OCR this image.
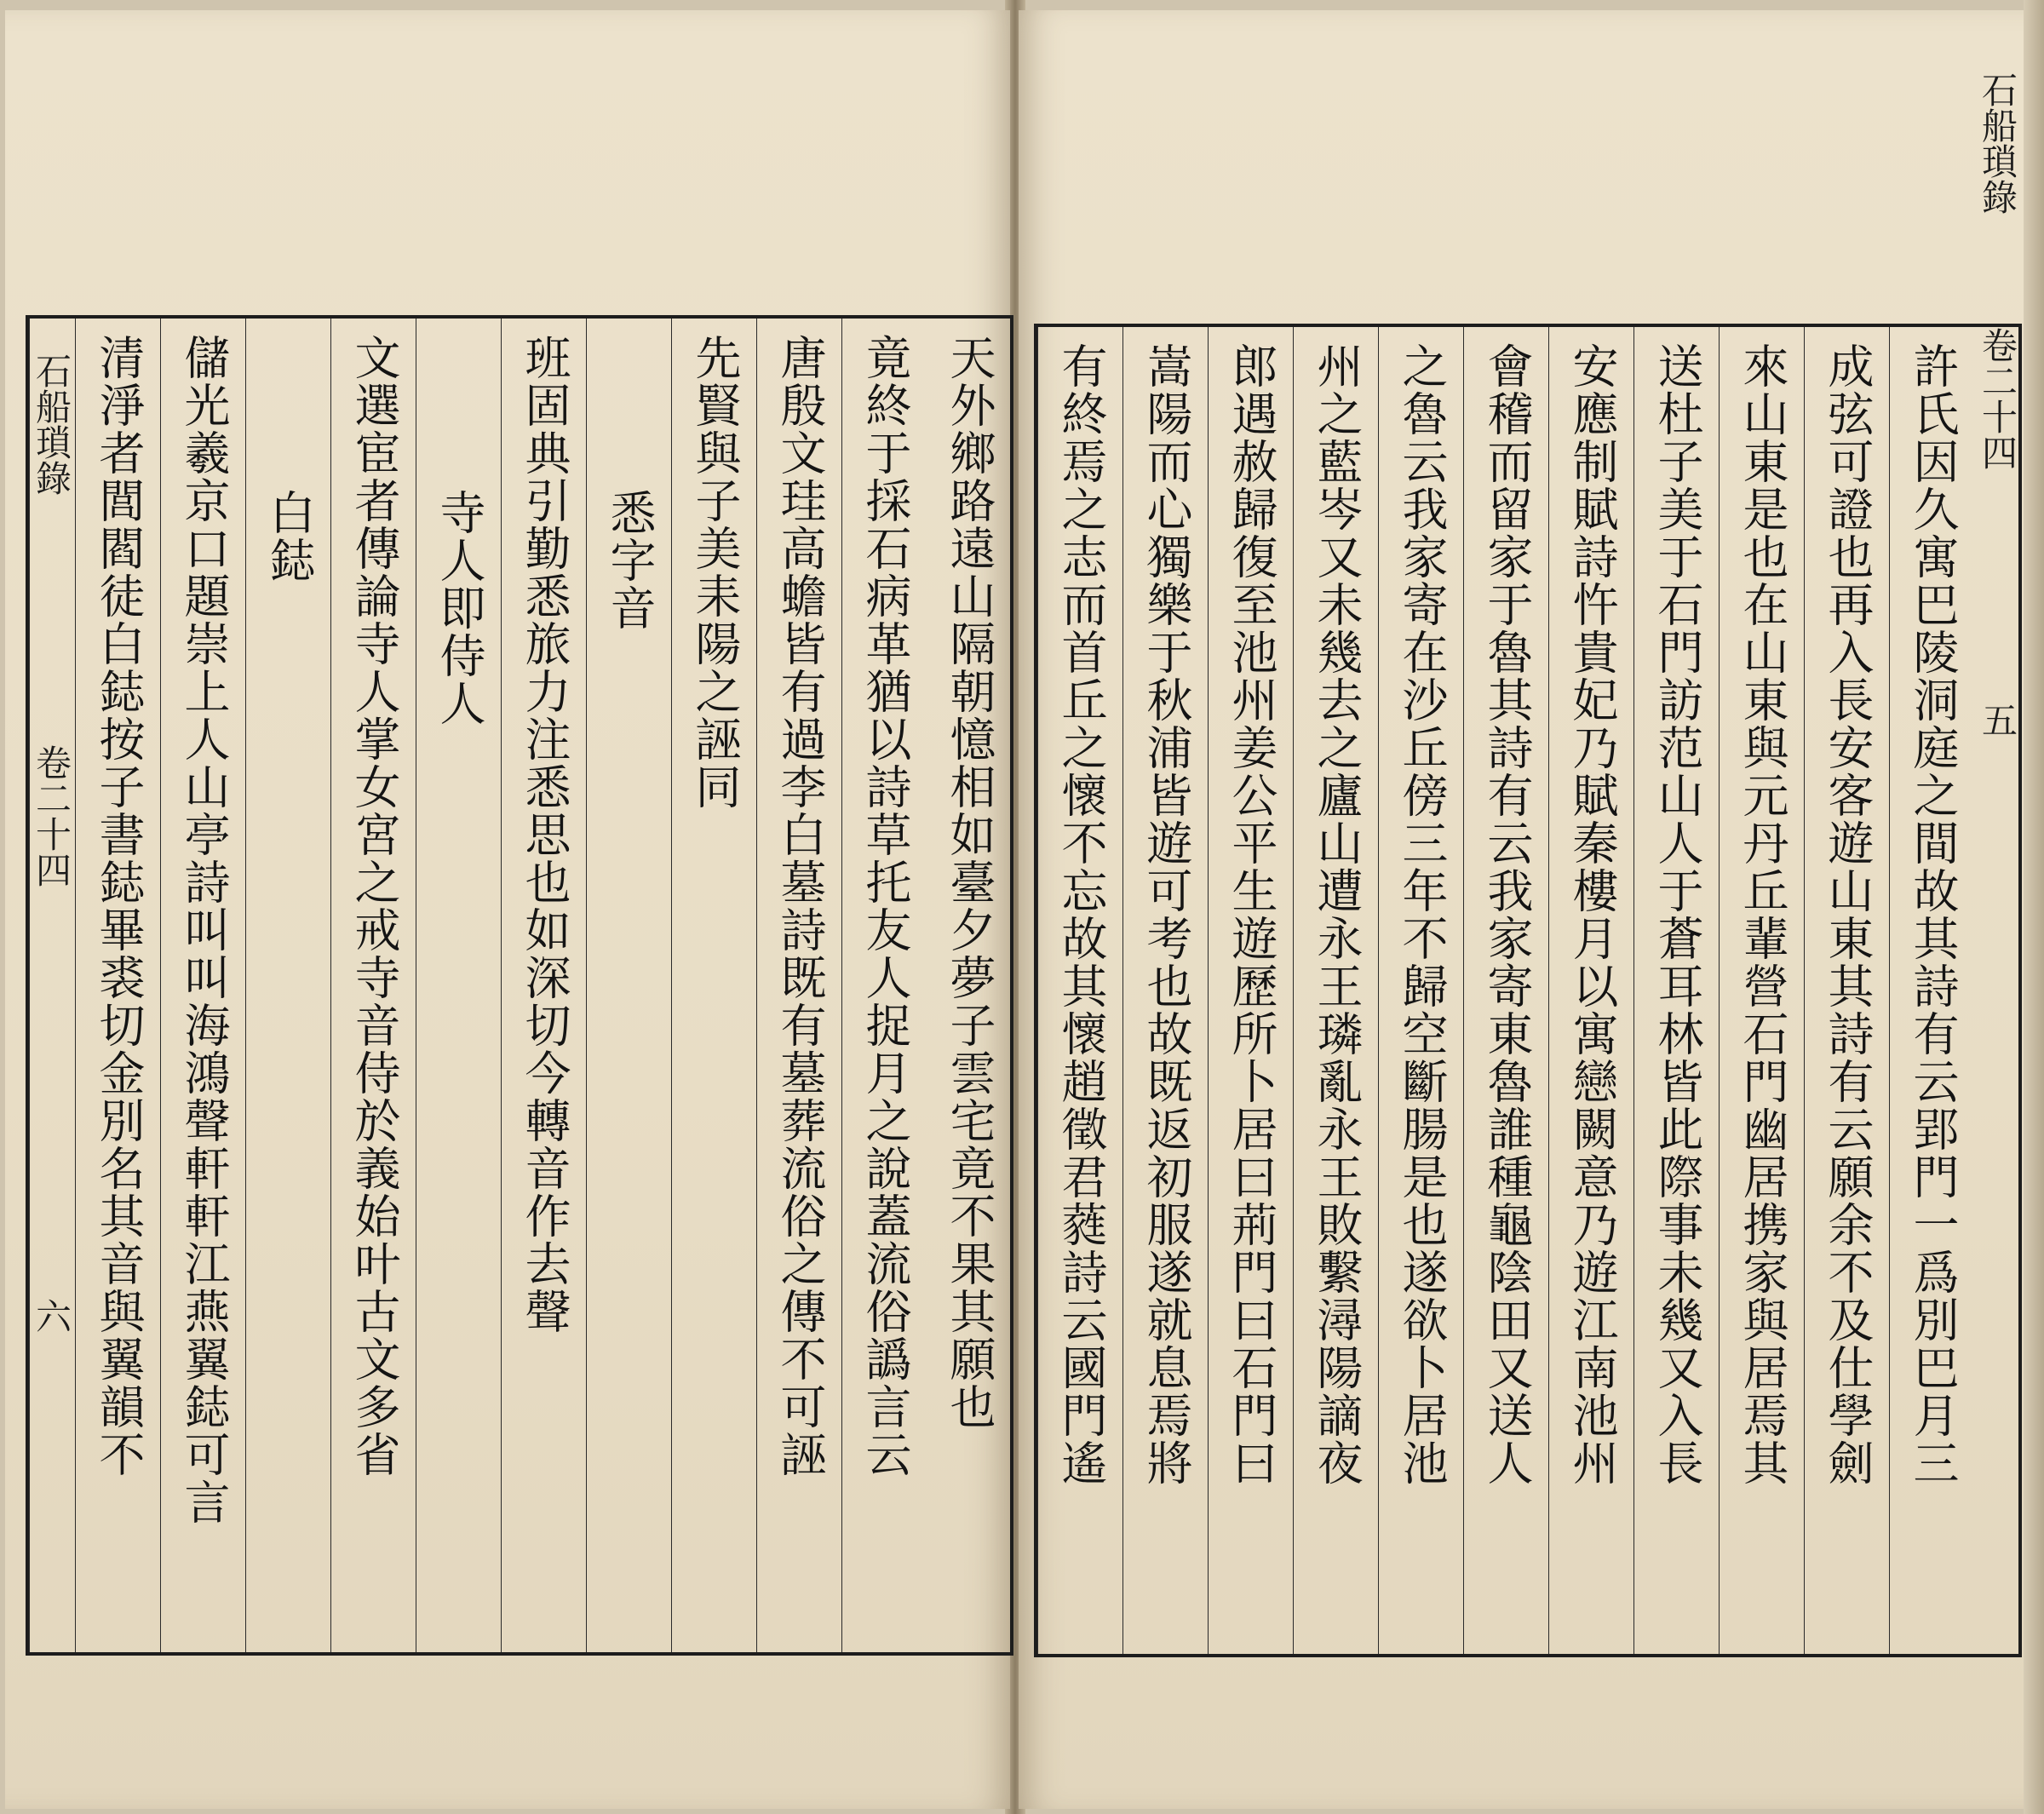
天外鄉路遠山隔朝憶相如臺夕夢子雲宅竟不果其願也
竟終于採石病革猶以詩草托友人捉月之說蓋流俗譌言云
唐殷文珪高蟾皆有過李白墓詩既有墓葬流俗之傳不可誣
先賢與子美耒陽之誣同
悉字音
班固典引勤悉旅力注悉思也如深切今轉音作去聲
寺人即侍人
文選宦者傳論寺人掌女宮之戒寺音侍於義始叶古文多省
白鋕
儲光羲京口題崇上人山亭詩叫叫海鴻聲軒軒江燕翼鋕可言
清淨者閭閻徒白鋕按子書鋕畢裘切金別名其音與翼韻不
石船瑣錄
卷二十四
六
石船瑣錄
卷二十四
五
許氏因久寓巴陵洞庭之間故其詩有云郢門一爲別巴月三
成弦可證也再入長安客遊山東其詩有云願余不及仕學劍
來山東是也在山東與元丹丘輩營石門幽居携家與居焉其
送杜子美于石門訪范山人于蒼耳林皆此際事未幾又入長
安應制賦詩忤貴妃乃賦秦樓月以寓戀闕意乃遊江南池州
會稽而留家于魯其詩有云我家寄東魯誰種龜陰田又送人
之魯云我家寄在沙丘傍三年不歸空斷腸是也遂欲卜居池
州之藍岑又未幾去之廬山遭永王璘亂永王敗繫潯陽謫夜
郎遇赦歸復至池州姜公平生遊歷所卜居曰荊門曰石門曰
嵩陽而心獨樂于秋浦皆遊可考也故既返初服遂就息焉將
有終焉之志而首丘之懷不忘故其懷趙徵君蕤詩云國門遙
